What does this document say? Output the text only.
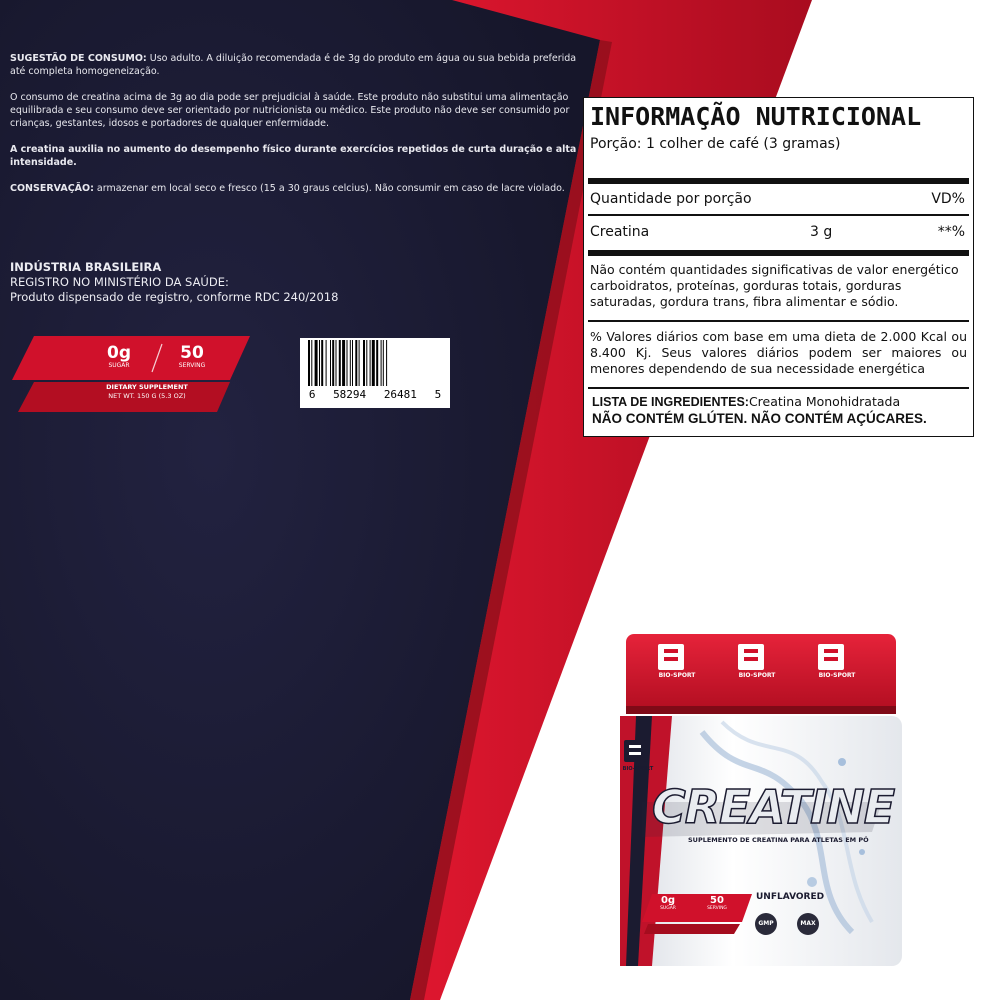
SUGESTÃO DE CONSUMO: Uso adulto. A diluição recomendada é de 3g do produto em água ou sua bebida preferida até completa homogeneização.

O consumo de creatina acima de 3g ao dia pode ser prejudicial à saúde. Este produto não substitui uma alimentação equilibrada e seu consumo deve ser orientado por nutricionista ou médico. Este produto não deve ser consumido por crianças, gestantes, idosos e portadores de qualquer enfermidade.

A creatina auxilia no aumento do desempenho físico durante exercícios repetidos de curta duração e alta intensidade.

CONSERVAÇÃO: armazenar em local seco e fresco (15 a 30 graus celcius). Não consumir em caso de lacre violado.

INDÚSTRIA BRASILEIRA
REGISTRO NO MINISTÉRIO DA SAÚDE:
Produto dispensado de registro, conforme RDC 240/2018
0g
SUGAR
50
SERVING
DIETARY SUPPLEMENT
NET WT. 150 G (5.3 OZ)	6 58294 26481 5
INFORMAÇÃO NUTRICIONAL
Porção: 1 colher de café (3 gramas)
Quantidade por porção	VD%
Creatina	3 g	**%
Não contém quantidades significativas de valor energético carboidratos, proteínas, gorduras totais, gorduras saturadas, gordura trans, fibra alimentar e sódio.
% Valores diários com base em uma dieta de 2.000 Kcal ou 8.400 Kj. Seus valores diários podem ser maiores ou menores dependendo de sua necessidade energética
LISTA DE INGREDIENTES:Creatina Monohidratada
NÃO CONTÉM GLÚTEN. NÃO CONTÉM AÇÚCARES.
BIO-SPORT	BIO-SPORT	BIO-SPORT
BIO-SPORT
CREATINE
SUPLEMENTO DE CREATINA PARA ATLETAS EM PÓ
UNFLAVORED
0g
SUGAR
50
SERVING
GMP	MAX
